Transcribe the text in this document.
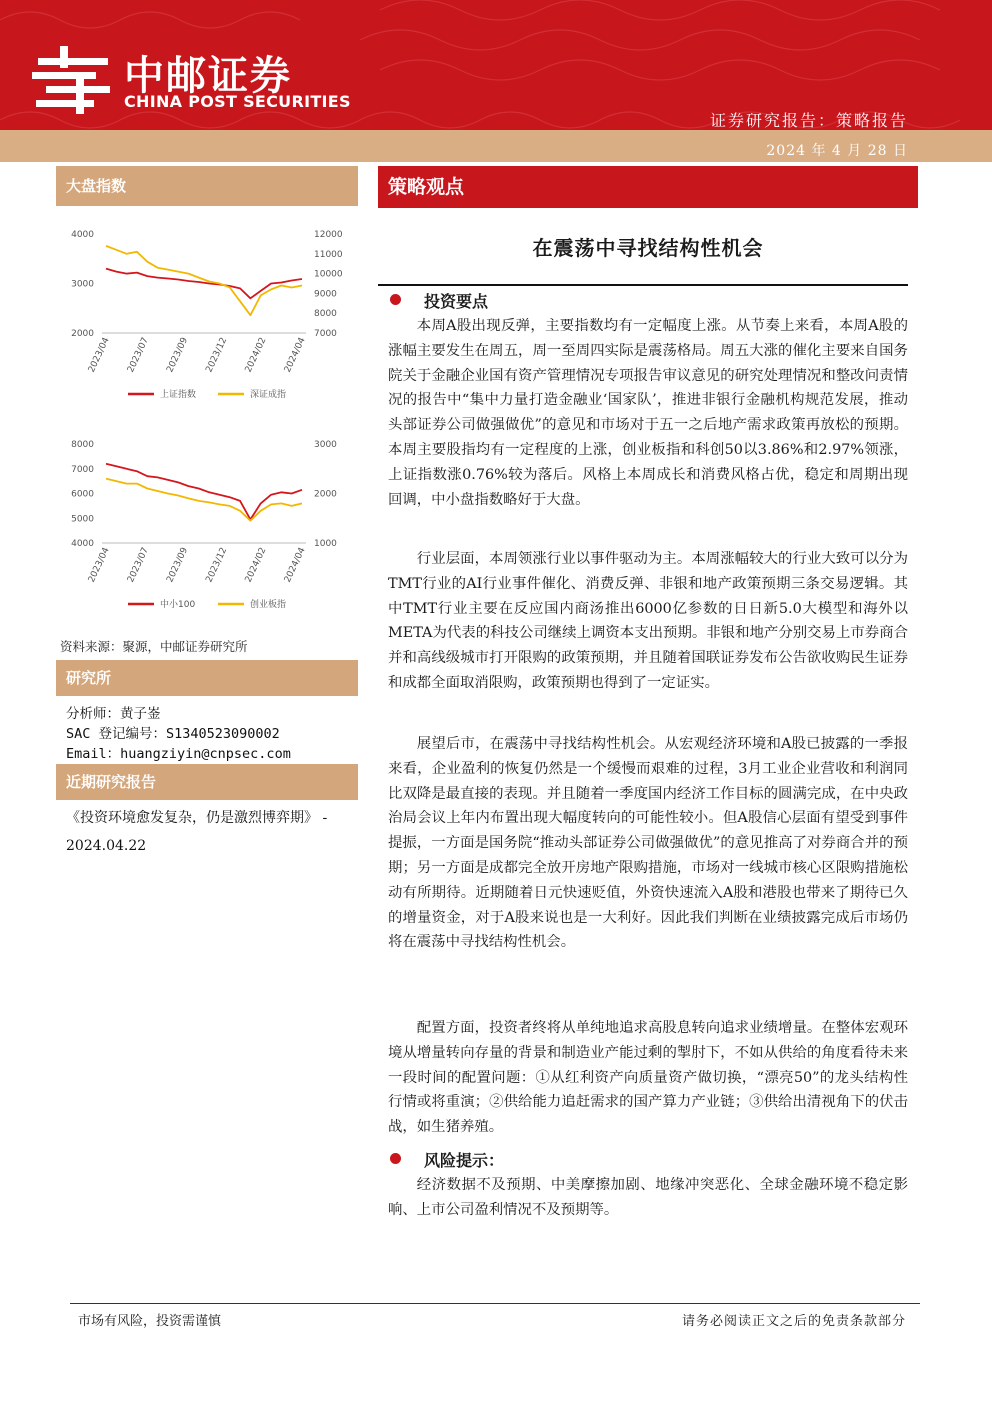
中邮证券
CHINA POST SECURITIES
证券研究报告：策略报告
2024 年 4 月 28 日
大盘指数
4000
3000
2000
12000
11000
10000
9000
8000
7000
2023/04 2023/07 2023/09 2023/12 2024/02 2024/04
上证指数	深证成指
8000
7000
6000
5000
4000
3000
2000
1000
2023/04 2023/07 2023/09 2023/12 2024/02 2024/04
中小100	创业板指
资料来源：聚源，中邮证券研究所
研究所
分析师：黄子崟
SAC 登记编号：S1340523090002
Email：huangziyin@cnpsec.com
近期研究报告
《投资环境愈发复杂，仍是激烈博弈期》 - 2024.04.22
策略观点
在震荡中寻找结构性机会
投资要点

本周A股出现反弹，主要指数均有一定幅度上涨。从节奏上来看，本周A股的涨幅主要发生在周五，周一至周四实际是震荡格局。周五大涨的催化主要来自国务院关于金融企业国有资产管理情况专项报告审议意见的研究处理情况和整改问责情况的报告中“集中力量打造金融业‘国家队’，推进非银行金融机构规范发展，推动头部证券公司做强做优”的意见和市场对于五一之后地产需求政策再放松的预期。本周主要股指均有一定程度的上涨，创业板指和科创50以3.86%和2.97%领涨，上证指数涨0.76%较为落后。风格上本周成长和消费风格占优，稳定和周期出现回调，中小盘指数略好于大盘。

行业层面，本周领涨行业以事件驱动为主。本周涨幅较大的行业大致可以分为TMT行业的AI行业事件催化、消费反弹、非银和地产政策预期三条交易逻辑。其中TMT行业主要在反应国内商汤推出6000亿参数的日日新5.0大模型和海外以META为代表的科技公司继续上调资本支出预期。非银和地产分别交易上市券商合并和高线级城市打开限购的政策预期，并且随着国联证券发布公告欲收购民生证券和成都全面取消限购，政策预期也得到了一定证实。

展望后市，在震荡中寻找结构性机会。从宏观经济环境和A股已披露的一季报来看，企业盈利的恢复仍然是一个缓慢而艰难的过程，3月工业企业营收和利润同比双降是最直接的表现。并且随着一季度国内经济工作目标的圆满完成，在中央政治局会议上年内布置出现大幅度转向的可能性较小。但A股信心层面有望受到事件提振，一方面是国务院“推动头部证券公司做强做优”的意见推高了对券商合并的预期；另一方面是成都完全放开房地产限购措施，市场对一线城市核心区限购措施松动有所期待。近期随着日元快速贬值，外资快速流入A股和港股也带来了期待已久的增量资金，对于A股来说也是一大利好。因此我们判断在业绩披露完成后市场仍将在震荡中寻找结构性机会。

配置方面，投资者终将从单纯地追求高股息转向追求业绩增量。在整体宏观环境从增量转向存量的背景和制造业产能过剩的掣肘下，不如从供给的角度看待未来一段时间的配置问题：①从红利资产向质量资产做切换，“漂亮50”的龙头结构性行情或将重演；②供给能力追赶需求的国产算力产业链；③供给出清视角下的伏击战，如生猪养殖。

风险提示：

经济数据不及预期、中美摩擦加剧、地缘冲突恶化、全球金融环境不稳定影响、上市公司盈利情况不及预期等。

市场有风险，投资需谨慎	请务必阅读正文之后的免责条款部分
